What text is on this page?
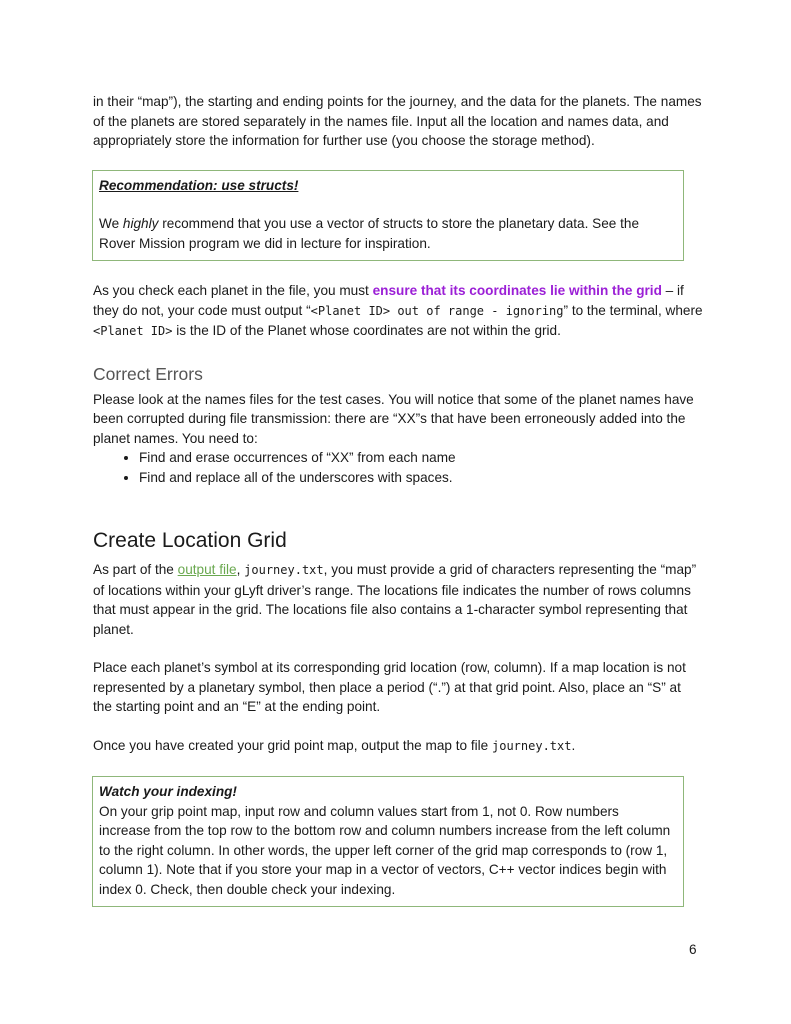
in their “map”), the starting and ending points for the journey, and the data for the planets. The names of the planets are stored separately in the names file. Input all the location and names data, and appropriately store the information for further use (you choose the storage method).

Recommendation: use structs!

We highly recommend that you use a vector of structs to store the planetary data. See the Rover Mission program we did in lecture for inspiration.

As you check each planet in the file, you must ensure that its coordinates lie within the grid – if they do not, your code must output “<Planet ID> out of range - ignoring” to the terminal, where <Planet ID> is the ID of the Planet whose coordinates are not within the grid.

Correct Errors

Please look at the names files for the test cases. You will notice that some of the planet names have been corrupted during file transmission: there are “XX”s that have been erroneously added into the planet names. You need to:

• Find and erase occurrences of “XX” from each name
• Find and replace all of the underscores with spaces.
Create Location Grid

As part of the output file, journey.txt, you must provide a grid of characters representing the “map” of locations within your gLyft driver’s range. The locations file indicates the number of rows columns that must appear in the grid. The locations file also contains a 1-character symbol representing that planet.

Place each planet’s symbol at its corresponding grid location (row, column). If a map location is not represented by a planetary symbol, then place a period (“.”) at that grid point. Also, place an “S” at the starting point and an “E” at the ending point.

Once you have created your grid point map, output the map to file journey.txt.

Watch your indexing!

On your grip point map, input row and column values start from 1, not 0. Row numbers increase from the top row to the bottom row and column numbers increase from the left column to the right column. In other words, the upper left corner of the grid map corresponds to (row 1, column 1). Note that if you store your map in a vector of vectors, C++ vector indices begin with index 0. Check, then double check your indexing.

6
